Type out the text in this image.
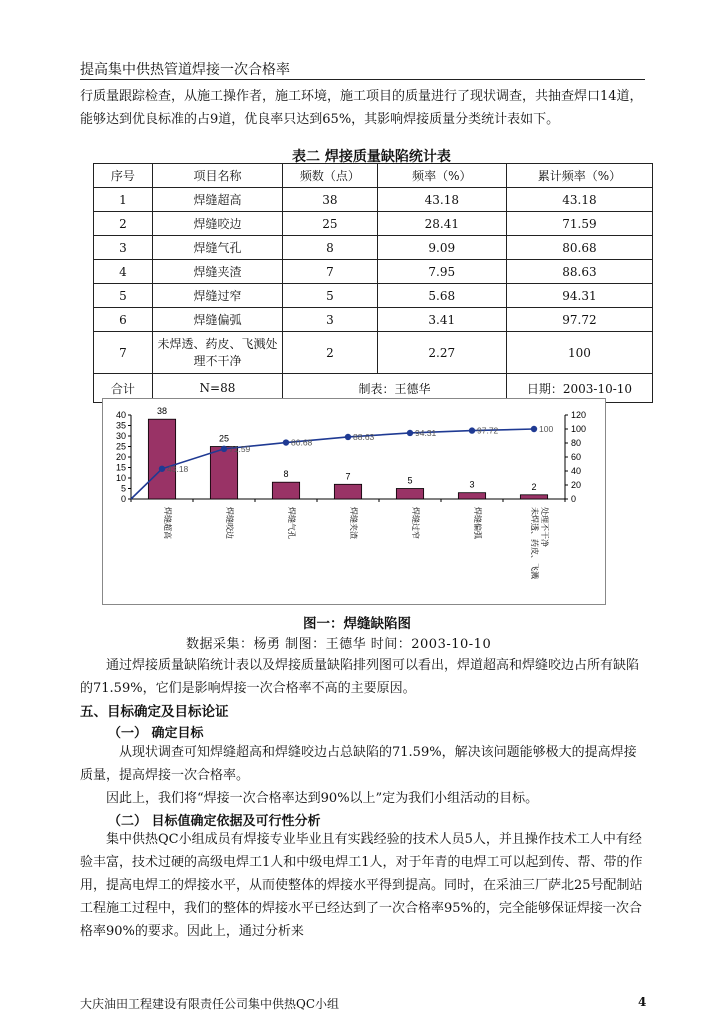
提高集中供热管道焊接一次合格率
行质量跟踪检查，从施工操作者，施工环境，施工项目的质量进行了现状调查，共抽查焊口14道，能够达到优良标准的占9道，优良率只达到65%，其影响焊接质量分类统计表如下。
表二 焊接质量缺陷统计表
序号	项目名称	频数（点）	频率（%）	累计频率（%）
1	焊缝超高	38	43.18	43.18
2	焊缝咬边	25	28.41	71.59
3	焊缝气孔	8	9.09	80.68
4	焊缝夹渣	7	7.95	88.63
5	焊缝过窄	5	5.68	94.31
6	焊缝偏弧	3	3.41	97.72
7	未焊透、药皮、飞溅处理不干净	2	2.27	100
合计	N=88	制表：王德华		日期：2003-10-10
0
5
10
15
20
25
30
35
40
0
20
40
60
80
100
120
38
25
8	7	5	3	2
43.18
71.59
80.68
88.63	94.31	97.72	100
焊缝超高	焊缝咬边	焊缝气孔	焊缝夹渣	焊缝过窄	焊缝偏弧	未焊透、药皮、飞溅 处理不干净
图一：焊缝缺陷图
数据采集：杨勇 制图：王德华 时间：2003-10-10
通过焊接质量缺陷统计表以及焊接质量缺陷排列图可以看出，焊道超高和焊缝咬边占所有缺陷的71.59%，它们是影响焊接一次合格率不高的主要原因。
五、目标确定及目标论证
（一） 确定目标
从现状调查可知焊缝超高和焊缝咬边占总缺陷的71.59%，解决该问题能够极大的提高焊接质量，提高焊接一次合格率。
因此上，我们将“焊接一次合格率达到90%以上”定为我们小组活动的目标。
（二） 目标值确定依据及可行性分析
集中供热QC小组成员有焊接专业毕业且有实践经验的技术人员5人，并且操作技术工人中有经验丰富，技术过硬的高级电焊工1人和中级电焊工1人，对于年青的电焊工可以起到传、帮、带的作用，提高电焊工的焊接水平，从而使整体的焊接水平得到提高。同时，在采油三厂萨北25号配制站工程施工过程中，我们的整体的焊接水平已经达到了一次合格率95%的，完全能够保证焊接一次合格率90%的要求。因此上，通过分析来
大庆油田工程建设有限责任公司集中供热QC小组	4
